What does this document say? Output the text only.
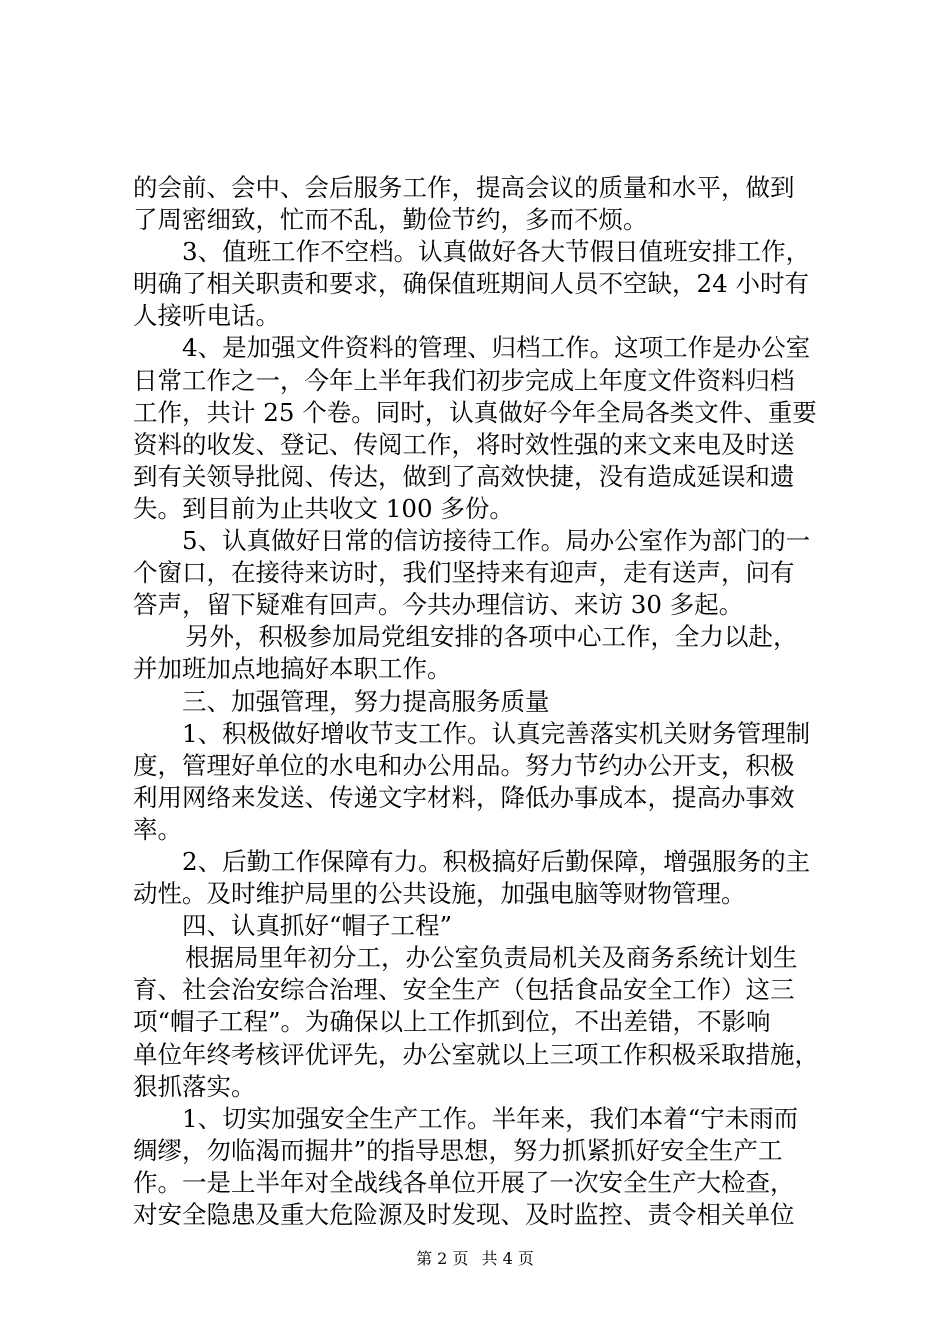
的会前、会中、会后服务工作，提高会议的质量和水平，做到
了周密细致，忙而不乱，勤俭节约，多而不烦。
3、值班工作不空档。认真做好各大节假日值班安排工作，
明确了相关职责和要求，确保值班期间人员不空缺，24 小时有
人接听电话。
4、是加强文件资料的管理、归档工作。这项工作是办公室
日常工作之一，今年上半年我们初步完成上年度文件资料归档
工作，共计 25 个卷。同时，认真做好今年全局各类文件、重要
资料的收发、登记、传阅工作，将时效性强的来文来电及时送
到有关领导批阅、传达，做到了高效快捷，没有造成延误和遗
失。到目前为止共收文 100 多份。
5、认真做好日常的信访接待工作。局办公室作为部门的一
个窗口，在接待来访时，我们坚持来有迎声，走有送声，问有
答声，留下疑难有回声。今共办理信访、来访 30 多起。
另外，积极参加局党组安排的各项中心工作，全力以赴，
并加班加点地搞好本职工作。
三、加强管理，努力提高服务质量
1、积极做好增收节支工作。认真完善落实机关财务管理制
度，管理好单位的水电和办公用品。努力节约办公开支，积极
利用网络来发送、传递文字材料，降低办事成本，提高办事效
率。
2、后勤工作保障有力。积极搞好后勤保障，增强服务的主
动性。及时维护局里的公共设施，加强电脑等财物管理。
四、认真抓好“帽子工程”
根据局里年初分工，办公室负责局机关及商务系统计划生
育、社会治安综合治理、安全生产（包括食品安全工作）这三
项“帽子工程”。为确保以上工作抓到位，不出差错，不影响
单位年终考核评优评先，办公室就以上三项工作积极采取措施，
狠抓落实。
1、切实加强安全生产工作。半年来，我们本着“宁未雨而
绸缪，勿临渴而掘井”的指导思想，努力抓紧抓好安全生产工
作。一是上半年对全战线各单位开展了一次安全生产大检查，
对安全隐患及重大危险源及时发现、及时监控、责令相关单位
第 2 页 共 4 页
